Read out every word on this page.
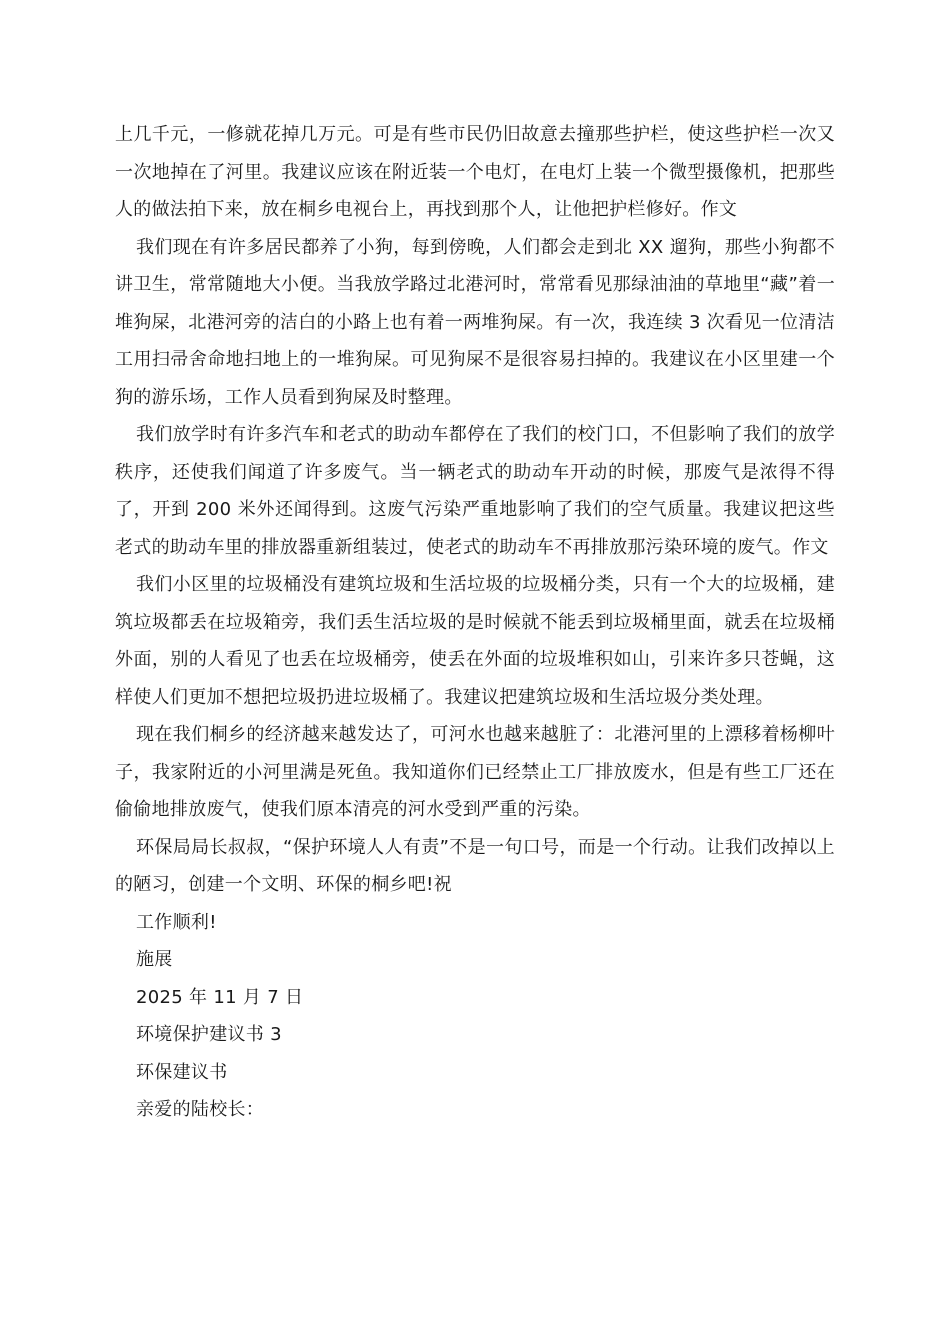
上几千元，一修就花掉几万元。可是有些市民仍旧故意去撞那些护栏，使这些护栏一次又一次地掉在了河里。我建议应该在附近装一个电灯，在电灯上装一个微型摄像机，把那些人的做法拍下来，放在桐乡电视台上，再找到那个人，让他把护栏修好。作文

我们现在有许多居民都养了小狗，每到傍晚，人们都会走到北 XX 遛狗，那些小狗都不讲卫生，常常随地大小便。当我放学路过北港河时，常常看见那绿油油的草地里“藏”着一堆狗屎，北港河旁的洁白的小路上也有着一两堆狗屎。有一次，我连续 3 次看见一位清洁工用扫帚舍命地扫地上的一堆狗屎。可见狗屎不是很容易扫掉的。我建议在小区里建一个狗的游乐场，工作人员看到狗屎及时整理。

我们放学时有许多汽车和老式的助动车都停在了我们的校门口，不但影响了我们的放学秩序，还使我们闻道了许多废气。当一辆老式的助动车开动的时候，那废气是浓得不得了，开到 200 米外还闻得到。这废气污染严重地影响了我们的空气质量。我建议把这些老式的助动车里的排放器重新组装过，使老式的助动车不再排放那污染环境的废气。作文

我们小区里的垃圾桶没有建筑垃圾和生活垃圾的垃圾桶分类，只有一个大的垃圾桶，建筑垃圾都丢在垃圾箱旁，我们丢生活垃圾的是时候就不能丢到垃圾桶里面，就丢在垃圾桶外面，别的人看见了也丢在垃圾桶旁，使丢在外面的垃圾堆积如山，引来许多只苍蝇，这样使人们更加不想把垃圾扔进垃圾桶了。我建议把建筑垃圾和生活垃圾分类处理。

现在我们桐乡的经济越来越发达了，可河水也越来越脏了：北港河里的上漂移着杨柳叶子，我家附近的小河里满是死鱼。我知道你们已经禁止工厂排放废水，但是有些工厂还在偷偷地排放废气，使我们原本清亮的河水受到严重的污染。

环保局局长叔叔，“保护环境人人有责”不是一句口号，而是一个行动。让我们改掉以上的陋习，创建一个文明、环保的桐乡吧!祝

工作顺利!

施展

2025 年 11 月 7 日

环境保护建议书 3

环保建议书

亲爱的陆校长：
